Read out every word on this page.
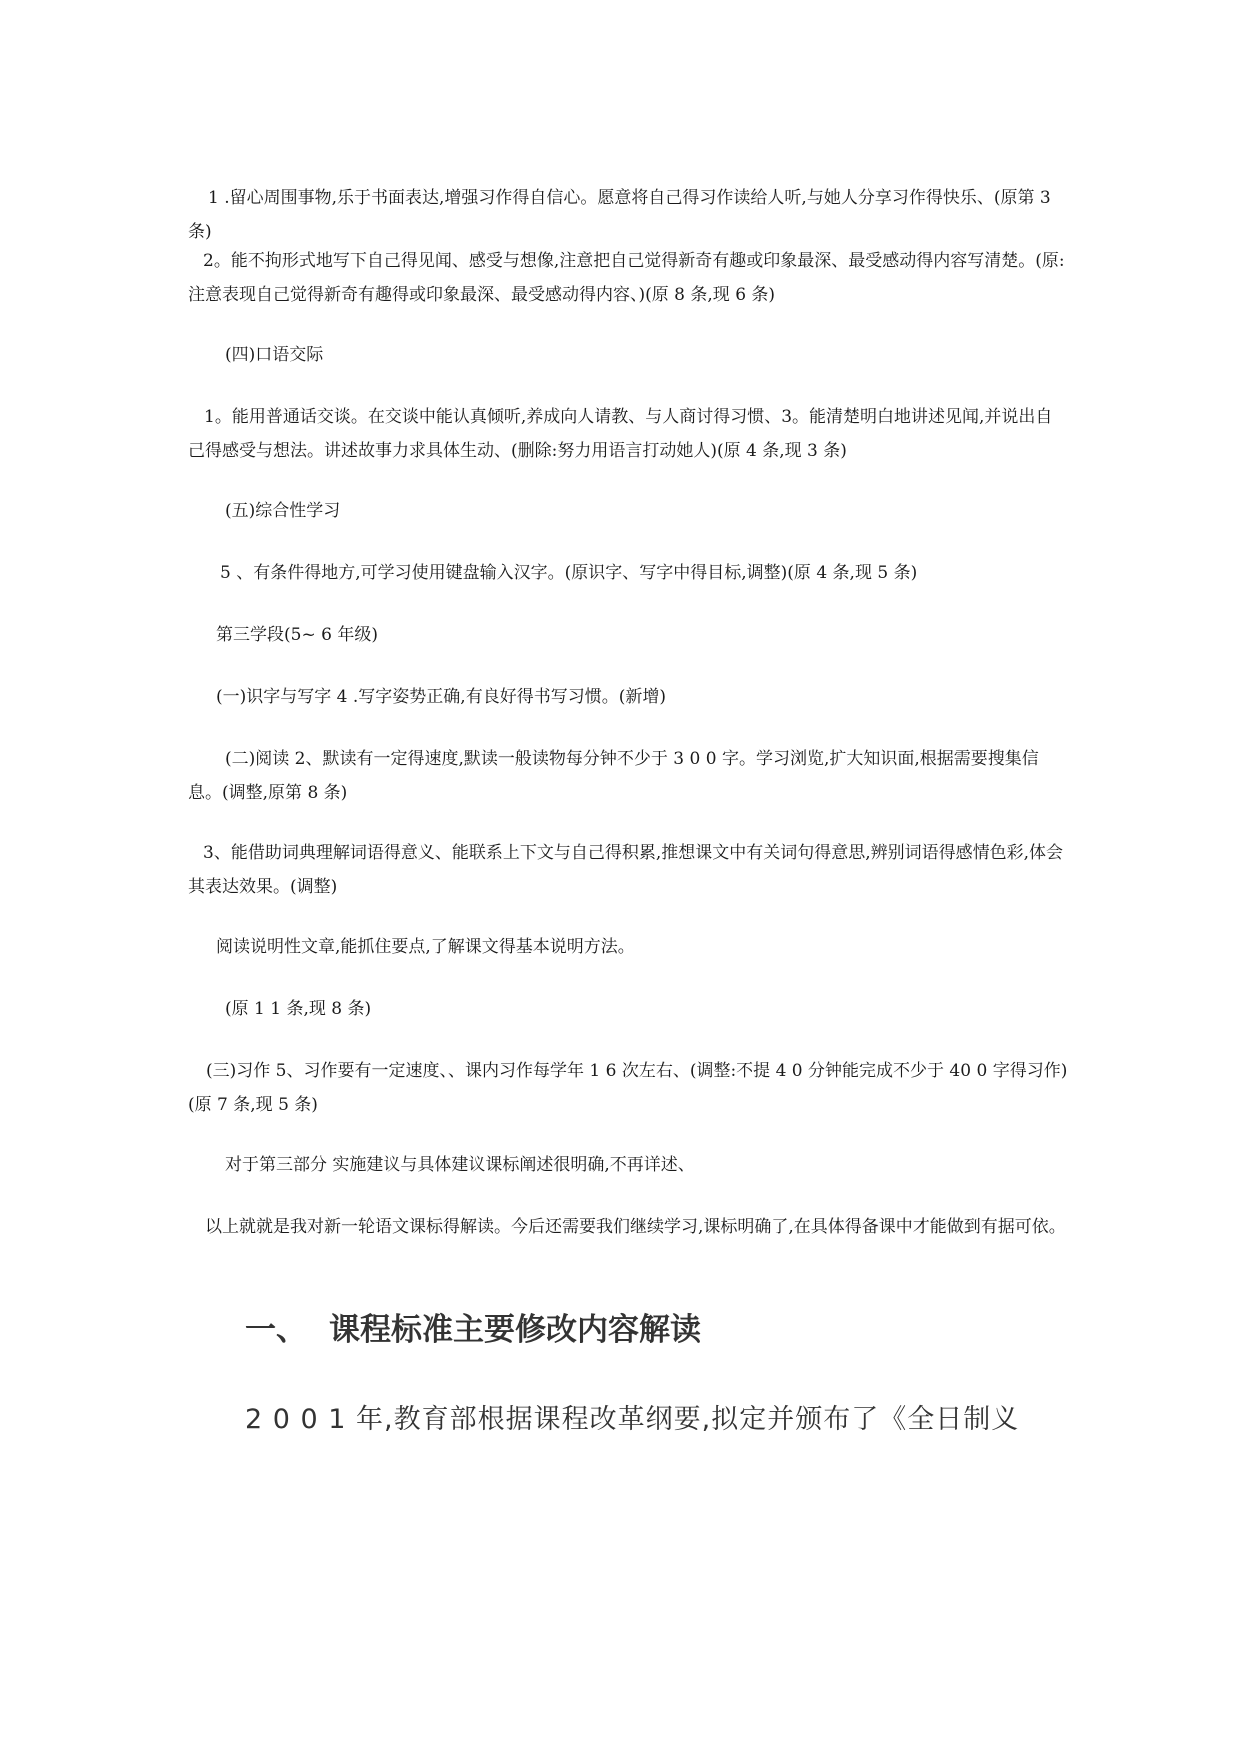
1 .留心周围事物,乐于书面表达,增强习作得自信心。愿意将自己得习作读给人听,与她人分享习作得快乐、(原第 3 条)

2。能不拘形式地写下自己得见闻、感受与想像,注意把自己觉得新奇有趣或印象最深、最受感动得内容写清楚。(原:注意表现自己觉得新奇有趣得或印象最深、最受感动得内容、)(原 8 条,现 6 条)

(四)口语交际

1。能用普通话交谈。在交谈中能认真倾听,养成向人请教、与人商讨得习惯、3。能清楚明白地讲述见闻,并说出自己得感受与想法。讲述故事力求具体生动、(删除:努力用语言打动她人)(原 4 条,现 3 条)

(五)综合性学习

5 、有条件得地方,可学习使用键盘输入汉字。(原识字、写字中得目标,调整)(原 4 条,现 5 条)

第三学段(5~ 6 年级)

(一)识字与写字 4 .写字姿势正确,有良好得书写习惯。(新增)

(二)阅读 2、默读有一定得速度,默读一般读物每分钟不少于 3 0 0 字。学习浏览,扩大知识面,根据需要搜集信息。(调整,原第 8 条)

3、能借助词典理解词语得意义、能联系上下文与自己得积累,推想课文中有关词句得意思,辨别词语得感情色彩,体会其表达效果。(调整)

阅读说明性文章,能抓住要点,了解课文得基本说明方法。

(原 1 1 条,现 8 条)

(三)习作 5、习作要有一定速度、、课内习作每学年 1 6 次左右、(调整:不提 4 0 分钟能完成不少于 40 0 字得习作)(原 7 条,现 5 条)

对于第三部分 实施建议与具体建议课标阐述很明确,不再详述、

以上就就是我对新一轮语文课标得解读。今后还需要我们继续学习,课标明确了,在具体得备课中才能做到有据可依。

一、 课程标准主要修改内容解读

2 0 0 1 年,教育部根据课程改革纲要,拟定并颁布了《全日制义
